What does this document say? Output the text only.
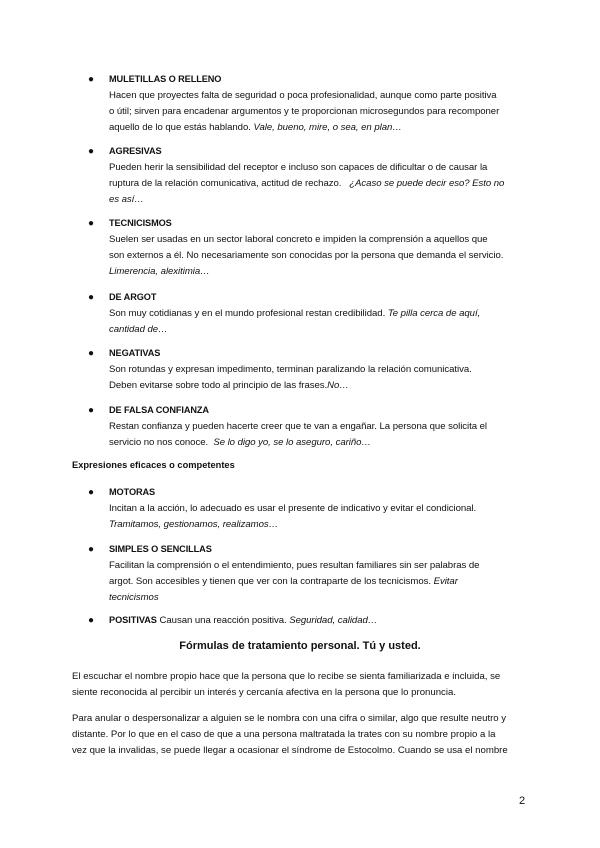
● MULETILLAS O RELLENO
Hacen que proyectes falta de seguridad o poca profesionalidad, aunque como parte positiva
o útil; sirven para encadenar argumentos y te proporcionan microsegundos para recomponer
aquello de lo que estás hablando. Vale, bueno, mire, o sea, en plan…
● AGRESIVAS
Pueden herir la sensibilidad del receptor e incluso son capaces de dificultar o de causar la
ruptura de la relación comunicativa, actitud de rechazo. ¿Acaso se puede decir eso? Esto no
es así…
● TECNICISMOS
Suelen ser usadas en un sector laboral concreto e impiden la comprensión a aquellos que
son externos a él. No necesariamente son conocidas por la persona que demanda el servicio.
Limerencia, alexitimia…
● DE ARGOT
Son muy cotidianas y en el mundo profesional restan credibilidad. Te pilla cerca de aquí,
cantidad de…
● NEGATIVAS
Son rotundas y expresan impedimento, terminan paralizando la relación comunicativa.
Deben evitarse sobre todo al principio de las frases.No…
● DE FALSA CONFIANZA
Restan confianza y pueden hacerte creer que te van a engañar. La persona que solicita el
servicio no nos conoce. Se lo digo yo, se lo aseguro, cariño…
Expresiones eficaces o competentes
● MOTORAS
Incitan a la acción, lo adecuado es usar el presente de indicativo y evitar el condicional.
Tramitamos, gestionamos, realizamos…
● SIMPLES O SENCILLAS
Facilitan la comprensión o el entendimiento, pues resultan familiares sin ser palabras de
argot. Son accesibles y tienen que ver con la contraparte de los tecnicismos. Evitar
tecnicismos
● POSITIVAS Causan una reacción positiva. Seguridad, calidad…
Fórmulas de tratamiento personal. Tú y usted.
El escuchar el nombre propio hace que la persona que lo recibe se sienta familiarizada e incluida, se
siente reconocida al percibir un interés y cercanía afectiva en la persona que lo pronuncia.
Para anular o despersonalizar a alguien se le nombra con una cifra o similar, algo que resulte neutro y
distante. Por lo que en el caso de que a una persona maltratada la trates con su nombre propio a la
vez que la invalidas, se puede llegar a ocasionar el síndrome de Estocolmo. Cuando se usa el nombre
2
